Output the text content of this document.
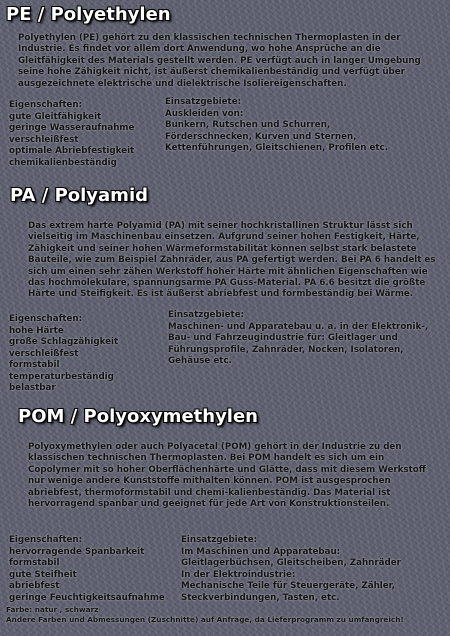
PE / Polyethylen

Polyethylen (PE) gehört zu den klassischen technischen Thermoplasten in der Industrie. Es findet vor allem dort Anwendung, wo hohe Ansprüche an die Gleitfähigkeit des Materials gestellt werden. PE verfügt auch in langer Umgebung seine hohe Zähigkeit nicht, ist äußerst chemikalienbeständig und verfügt über ausgezeichnete elektrische und dielektrische Isoliereigenschaften.

Eigenschaften:
gute Gleitfähigkeit
geringe Wasseraufnahme
verschleißfest
optimale Abriebfestigkeit
chemikalienbeständig
Einsatzgebiete:
Auskleiden von:
Bunkern, Rutschen und Schurren,
Förderschnecken, Kurven und Sternen,
Kettenführungen, Gleitschienen, Profilen etc.
PA / Polyamid

Das extrem harte Polyamid (PA) mit seiner hochkristallinen Struktur lässt sich vielseitig im Maschinenbau einsetzen. Aufgrund seiner hohen Festigkeit, Härte, Zähigkeit und seiner hohen Wärmeformstabilität können selbst stark belastete Bauteile, wie zum Beispiel Zahnräder, aus PA gefertigt werden. Bei PA 6 handelt es sich um einen sehr zähen Werkstoff hoher Härte mit ähnlichen Eigenschaften wie das hochmolekulare, spannungsarme PA Guss-Material. PA 6.6 besitzt die größte Härte und Steifigkeit. Es ist äußerst abriebfest und formbeständig bei Wärme.

Eigenschaften:
hohe Härte
große Schlagzähigkeit
verschleißfest
formstabil
temperaturbeständig
belastbar
Einsatzgebiete:
Maschinen- und Apparatebau u. a. in der Elektronik-,
Bau- und Fahrzeugindustrie für: Gleitlager und
Führungsprofile, Zahnräder, Nocken, Isolatoren,
Gehäuse etc.
POM / Polyoxymethylen

Polyoxymethylen oder auch Polyacetal (POM) gehört in der Industrie zu den klassischen technischen Thermoplasten. Bei POM handelt es sich um ein Copolymer mit so hoher Oberflächenhärte und Glätte, dass mit diesem Werkstoff nur wenige andere Kunststoffe mithalten können. POM ist ausgesprochen abriebfest, thermoformstabil und chemi-kalienbeständig. Das Material ist hervorragend spanbar und geeignet für jede Art von Konstruktionsteilen.

Eigenschaften:
hervorragende Spanbarkeit
formstabil
gute Steifheit
abriebfest
geringe Feuchtigkeitsaufnahme
Einsatzgebiete:
Im Maschinen und Apparatebau:
Gleitlagerbüchsen, Gleitscheiben, Zahnräder
In der Elektroindustrie:
Mechanische Teile für Steuergeräte, Zähler,
Steckverbindungen, Tasten, etc.

Farbe: natur , schwarz

Andere Farben und Abmessungen (Zuschnitte) auf Anfrage, da Lieferprogramm zu umfangreich!
